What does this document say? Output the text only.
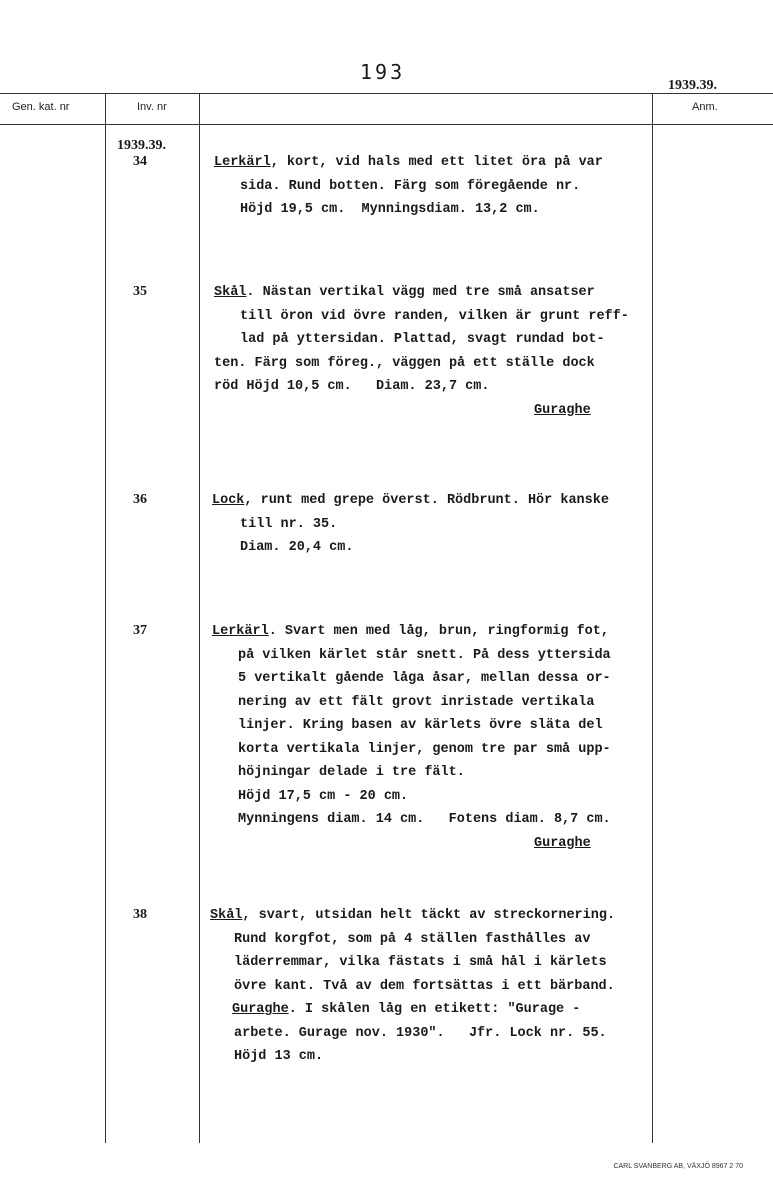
193
1939.39.
Gen. kat. nr	Inv. nr	Anm.
1939.39.
34	Lerkärl, kort, vid hals med ett litet öra på var
sida. Rund botten. Färg som föregående nr.
Höjd 19,5 cm.  Mynningsdiam. 13,2 cm.
35	Skål. Nästan vertikal vägg med tre små ansatser
till öron vid övre randen, vilken är grunt reff-
lad på yttersidan. Plattad, svagt rundad bot-
ten. Färg som föreg., väggen på ett ställe dock
röd Höjd 10,5 cm.   Diam. 23,7 cm.
Guraghe
36	Lock, runt med grepe överst. Rödbrunt. Hör kanske
till nr. 35.
Diam. 20,4 cm.
37	Lerkärl. Svart men med låg, brun, ringformig fot,
på vilken kärlet står snett. På dess yttersida
5 vertikalt gående låga åsar, mellan dessa or-
nering av ett fält grovt inristade vertikala
linjer. Kring basen av kärlets övre släta del
korta vertikala linjer, genom tre par små upp-
höjningar delade i tre fält.
Höjd 17,5 cm - 20 cm.
Mynningens diam. 14 cm.   Fotens diam. 8,7 cm.
Guraghe
38	Skål, svart, utsidan helt täckt av streckornering.
Rund korgfot, som på 4 ställen fasthålles av
läderremmar, vilka fästats i små hål i kärlets
övre kant. Två av dem fortsättas i ett bärband.
Guraghe. I skålen låg en etikett: "Gurage -
arbete. Gurage nov. 1930".   Jfr. Lock nr. 55.
Höjd 13 cm.
CARL SVANBERG AB, VÄXJÖ 8967 2 70
